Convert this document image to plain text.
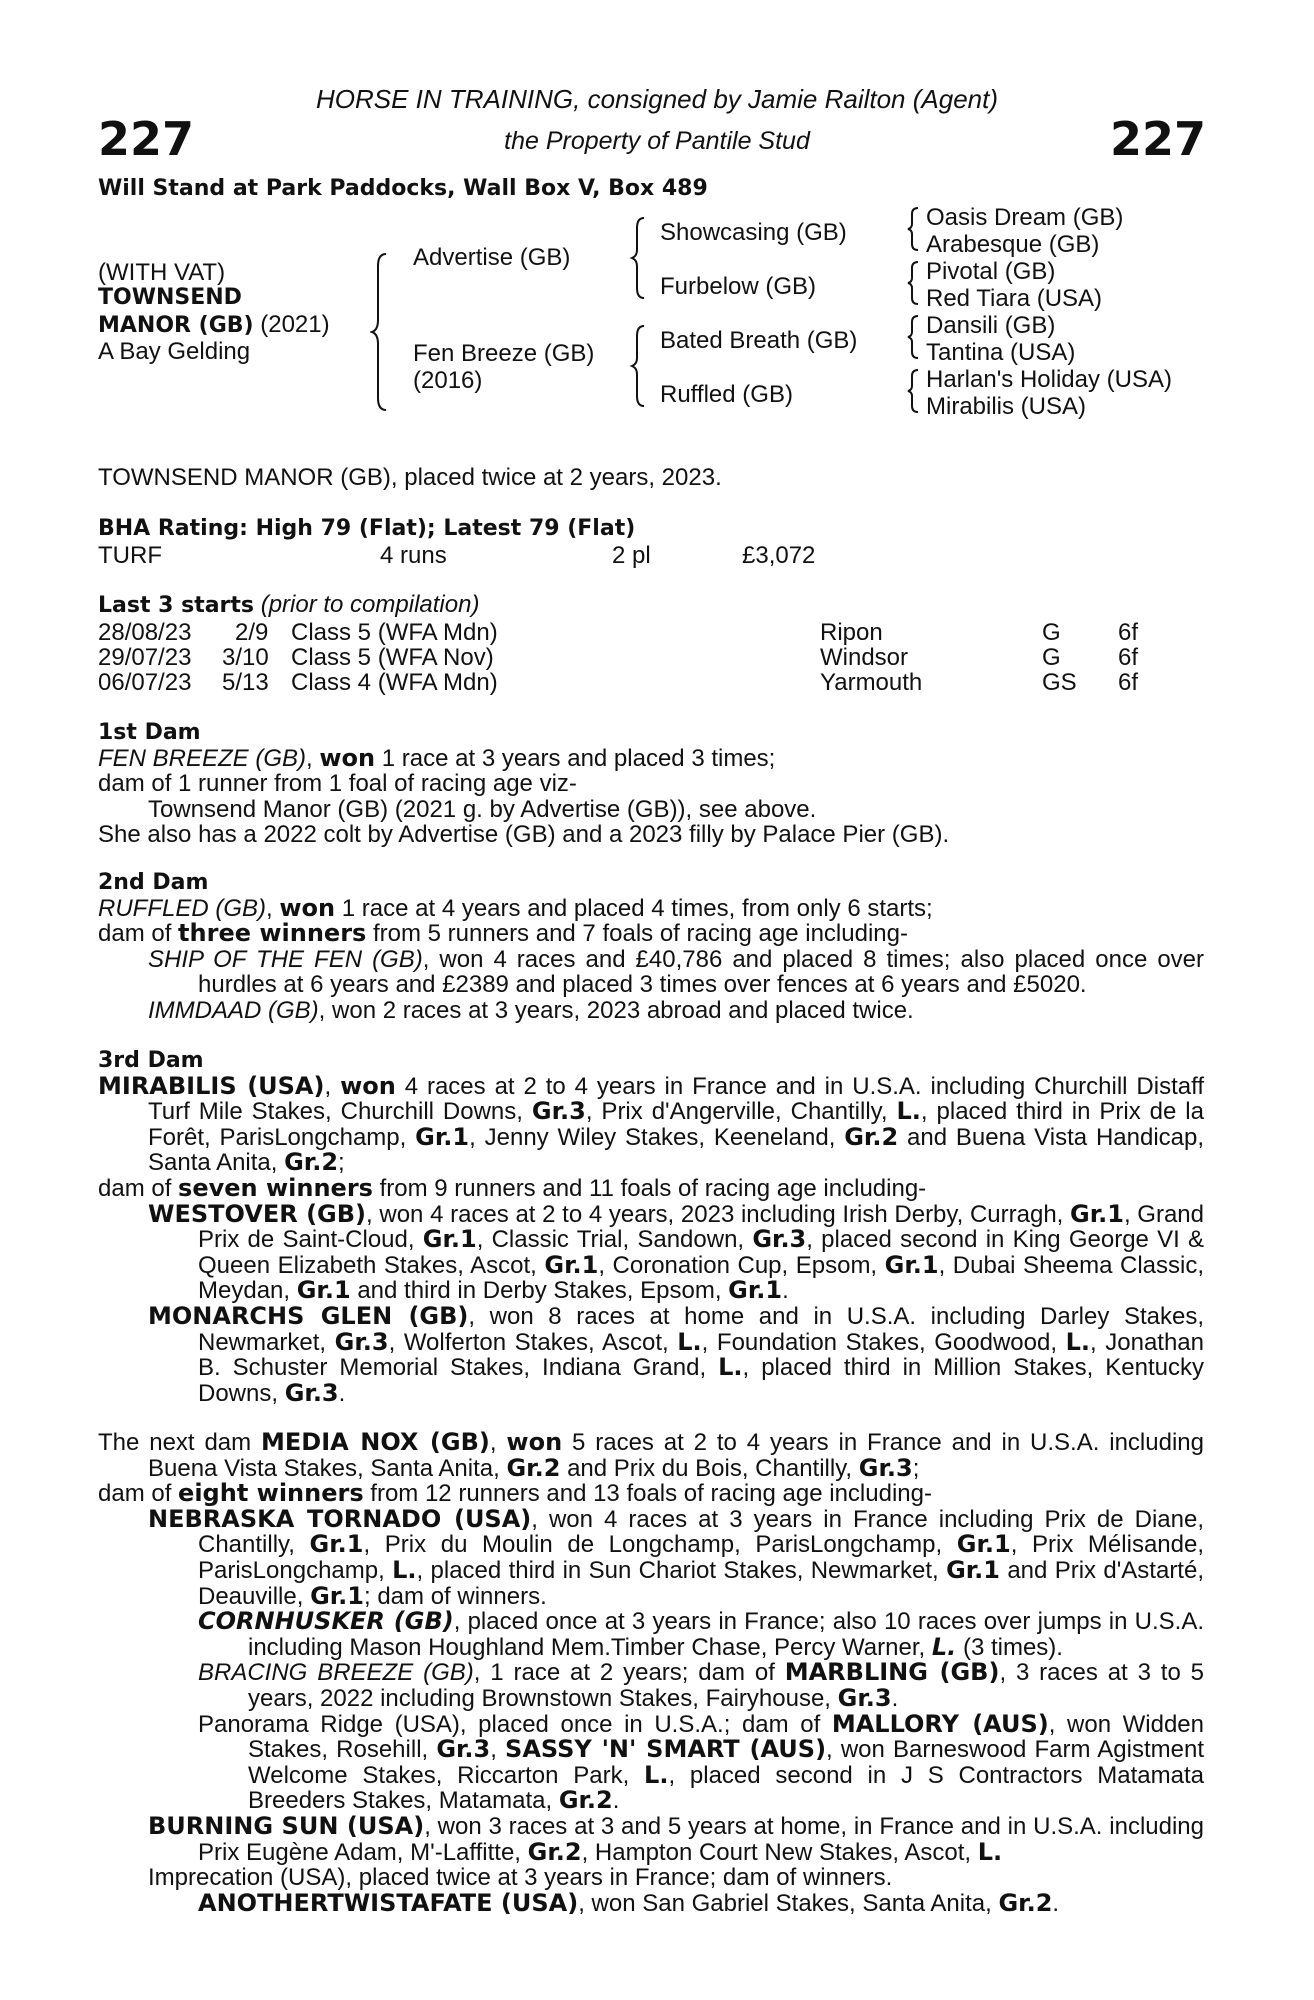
227	227
HORSE IN TRAINING, consigned by Jamie Railton (Agent)
the Property of Pantile Stud
Will Stand at Park Paddocks, Wall Box V, Box 489
(WITH VAT)
TOWNSEND
MANOR (GB) (2021)
A Bay Gelding
Advertise (GB)
Fen Breeze (GB)
(2016)
Showcasing (GB)
Furbelow (GB)
Bated Breath (GB)
Ruffled (GB)
Oasis Dream (GB)
Arabesque (GB)
Pivotal (GB)
Red Tiara (USA)
Dansili (GB)
Tantina (USA)
Harlan's Holiday (USA)
Mirabilis (USA)
TOWNSEND MANOR (GB), placed twice at 2 years, 2023.
BHA Rating: High 79 (Flat); Latest 79 (Flat)
TURF	4 runs	2 pl	£3,072
Last 3 starts (prior to compilation)
28/08/23 2/9 Class 5 (WFA Mdn)	Ripon	G 6f
29/07/23 3/10 Class 5 (WFA Nov)	Windsor	G 6f
06/07/23 5/13 Class 4 (WFA Mdn)	Yarmouth	GS 6f
1st Dam
FEN BREEZE (GB), won 1 race at 3 years and placed 3 times;
dam of 1 runner from 1 foal of racing age viz-
Townsend Manor (GB) (2021 g. by Advertise (GB)), see above.
She also has a 2022 colt by Advertise (GB) and a 2023 filly by Palace Pier (GB).
2nd Dam
RUFFLED (GB), won 1 race at 4 years and placed 4 times, from only 6 starts;
dam of three winners from 5 runners and 7 foals of racing age including-
SHIP OF THE FEN (GB), won 4 races and £40,786 and placed 8 times; also placed once over hurdles at 6 years and £2389 and placed 3 times over fences at 6 years and £5020.
IMMDAAD (GB), won 2 races at 3 years, 2023 abroad and placed twice.
3rd Dam
MIRABILIS (USA), won 4 races at 2 to 4 years in France and in U.S.A. including Churchill Distaff Turf Mile Stakes, Churchill Downs, Gr.3, Prix d'Angerville, Chantilly, L., placed third in Prix de la Forêt, ParisLongchamp, Gr.1, Jenny Wiley Stakes, Keeneland, Gr.2 and Buena Vista Handicap, Santa Anita, Gr.2;
dam of seven winners from 9 runners and 11 foals of racing age including-
WESTOVER (GB), won 4 races at 2 to 4 years, 2023 including Irish Derby, Curragh, Gr.1, Grand Prix de Saint-Cloud, Gr.1, Classic Trial, Sandown, Gr.3, placed second in King George VI & Queen Elizabeth Stakes, Ascot, Gr.1, Coronation Cup, Epsom, Gr.1, Dubai Sheema Classic, Meydan, Gr.1 and third in Derby Stakes, Epsom, Gr.1.
MONARCHS GLEN (GB), won 8 races at home and in U.S.A. including Darley Stakes, Newmarket, Gr.3, Wolferton Stakes, Ascot, L., Foundation Stakes, Goodwood, L., Jonathan B. Schuster Memorial Stakes, Indiana Grand, L., placed third in Million Stakes, Kentucky Downs, Gr.3.
The next dam MEDIA NOX (GB), won 5 races at 2 to 4 years in France and in U.S.A. including Buena Vista Stakes, Santa Anita, Gr.2 and Prix du Bois, Chantilly, Gr.3;
dam of eight winners from 12 runners and 13 foals of racing age including-
NEBRASKA TORNADO (USA), won 4 races at 3 years in France including Prix de Diane, Chantilly, Gr.1, Prix du Moulin de Longchamp, ParisLongchamp, Gr.1, Prix Mélisande, ParisLongchamp, L., placed third in Sun Chariot Stakes, Newmarket, Gr.1 and Prix d'Astarté, Deauville, Gr.1; dam of winners.
CORNHUSKER (GB), placed once at 3 years in France; also 10 races over jumps in U.S.A. including Mason Houghland Mem.Timber Chase, Percy Warner, L. (3 times).
BRACING BREEZE (GB), 1 race at 2 years; dam of MARBLING (GB), 3 races at 3 to 5 years, 2022 including Brownstown Stakes, Fairyhouse, Gr.3.
Panorama Ridge (USA), placed once in U.S.A.; dam of MALLORY (AUS), won Widden Stakes, Rosehill, Gr.3, SASSY 'N' SMART (AUS), won Barneswood Farm Agistment Welcome Stakes, Riccarton Park, L., placed second in J S Contractors Matamata Breeders Stakes, Matamata, Gr.2.
BURNING SUN (USA), won 3 races at 3 and 5 years at home, in France and in U.S.A. including Prix Eugène Adam, M'-Laffitte, Gr.2, Hampton Court New Stakes, Ascot, L.
Imprecation (USA), placed twice at 3 years in France; dam of winners.
ANOTHERTWISTAFATE (USA), won San Gabriel Stakes, Santa Anita, Gr.2.
